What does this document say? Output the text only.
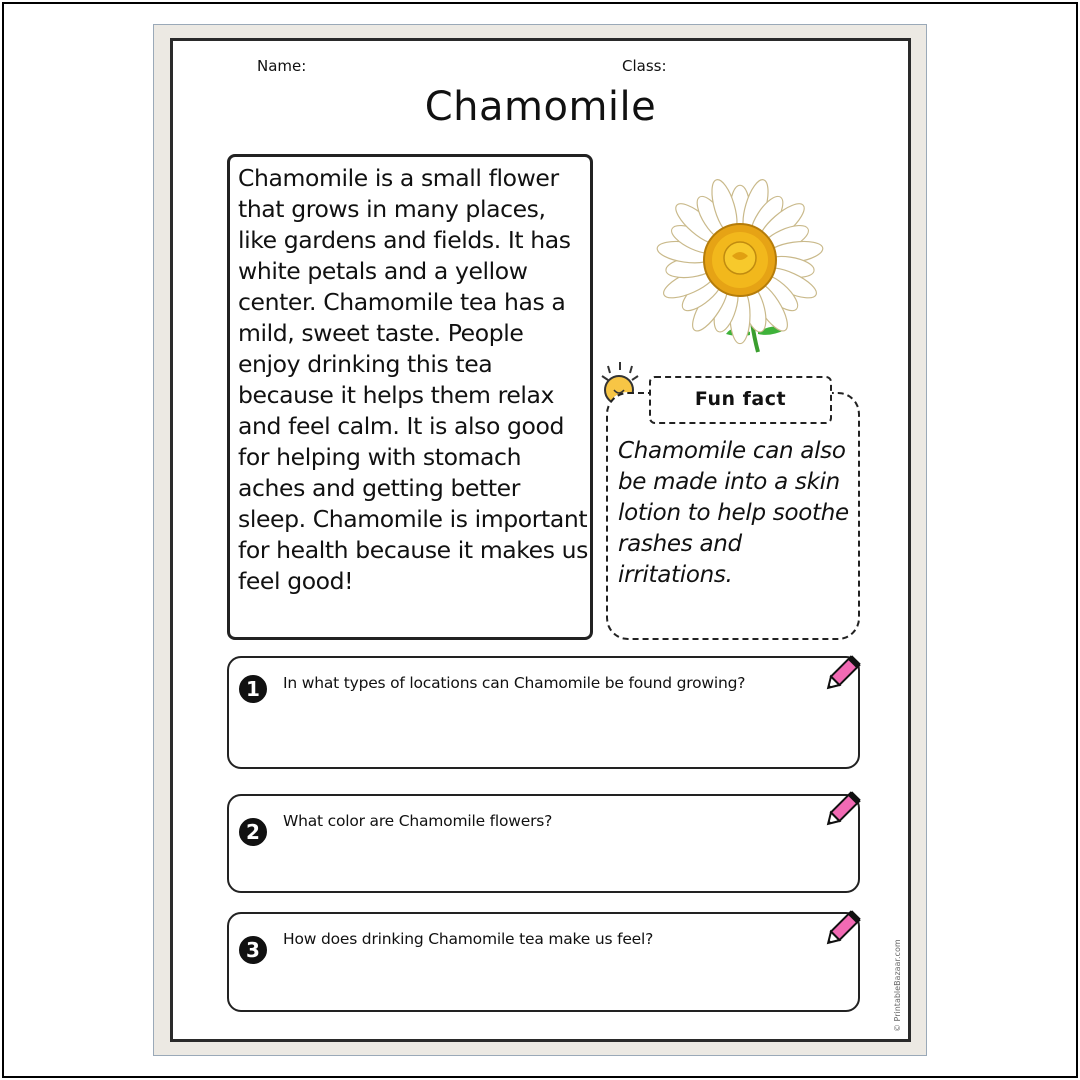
Name:	Class:
Chamomile
Chamomile is a small flower that grows in many places, like gardens and fields. It has white petals and a yellow center. Chamomile tea has a mild, sweet taste. People enjoy drinking this tea because it helps them relax and feel calm. It is also good for helping with stomach aches and getting better sleep. Chamomile is important for health because it makes us feel good!
Fun fact
Chamomile can also be made into a skin lotion to help soothe rashes and irritations.
1 In what types of locations can Chamomile be found growing?
2 What color are Chamomile flowers?
3 How does drinking Chamomile tea make us feel?
© PrintableBazaar.com
